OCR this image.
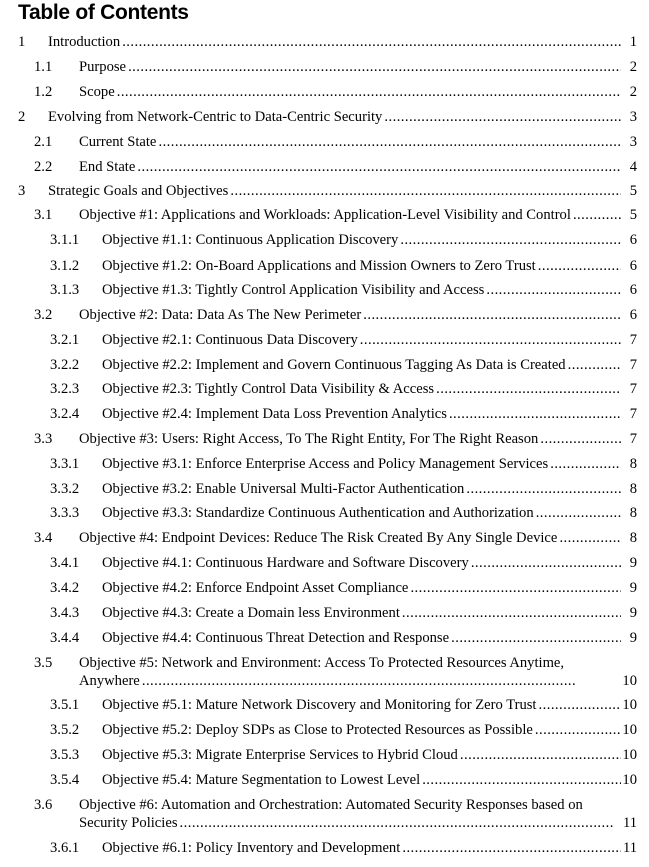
Table of Contents
1 Introduction . . .	1
1.1 Purpose . . .	2
1.2 Scope . . .	2
2 Evolving from Network-Centric to Data-Centric Security . . .	3
2.1 Current State . . .	3
2.2 End State . . .	4
3 Strategic Goals and Objectives . . .	5
3.1 Objective #1: Applications and Workloads: Application-Level Visibility and Control . . .	5
3.1.1 Objective #1.1: Continuous Application Discovery . . .	6
3.1.2 Objective #1.2: On-Board Applications and Mission Owners to Zero Trust . . .	6
3.1.3 Objective #1.3: Tightly Control Application Visibility and Access . . .	6
3.2 Objective #2: Data: Data As The New Perimeter . . .	6
3.2.1 Objective #2.1: Continuous Data Discovery . . .	7
3.2.2 Objective #2.2: Implement and Govern Continuous Tagging As Data is Created . . .	7
3.2.3 Objective #2.3: Tightly Control Data Visibility & Access . . .	7
3.2.4 Objective #2.4: Implement Data Loss Prevention Analytics . . .	7
3.3 Objective #3: Users: Right Access, To The Right Entity, For The Right Reason . . .	7
3.3.1 Objective #3.1: Enforce Enterprise Access and Policy Management Services . . .	8
3.3.2 Objective #3.2: Enable Universal Multi-Factor Authentication . . .	8
3.3.3 Objective #3.3: Standardize Continuous Authentication and Authorization . . .	8
3.4 Objective #4: Endpoint Devices: Reduce The Risk Created By Any Single Device . . .	8
3.4.1 Objective #4.1: Continuous Hardware and Software Discovery . . .	9
3.4.2 Objective #4.2: Enforce Endpoint Asset Compliance . . .	9
3.4.3 Objective #4.3: Create a Domain less Environment . . .	9
3.4.4 Objective #4.4: Continuous Threat Detection and Response . . .	9
3.5 Objective #5: Network and Environment: Access To Protected Resources Anytime,
Anywhere . . .	10
3.5.1 Objective #5.1: Mature Network Discovery and Monitoring for Zero Trust . . .	10
3.5.2 Objective #5.2: Deploy SDPs as Close to Protected Resources as Possible . . .	10
3.5.3 Objective #5.3: Migrate Enterprise Services to Hybrid Cloud . . .	10
3.5.4 Objective #5.4: Mature Segmentation to Lowest Level . . .	10
3.6 Objective #6: Automation and Orchestration: Automated Security Responses based on
Security Policies . . .	11
3.6.1 Objective #6.1: Policy Inventory and Development . . .	11
